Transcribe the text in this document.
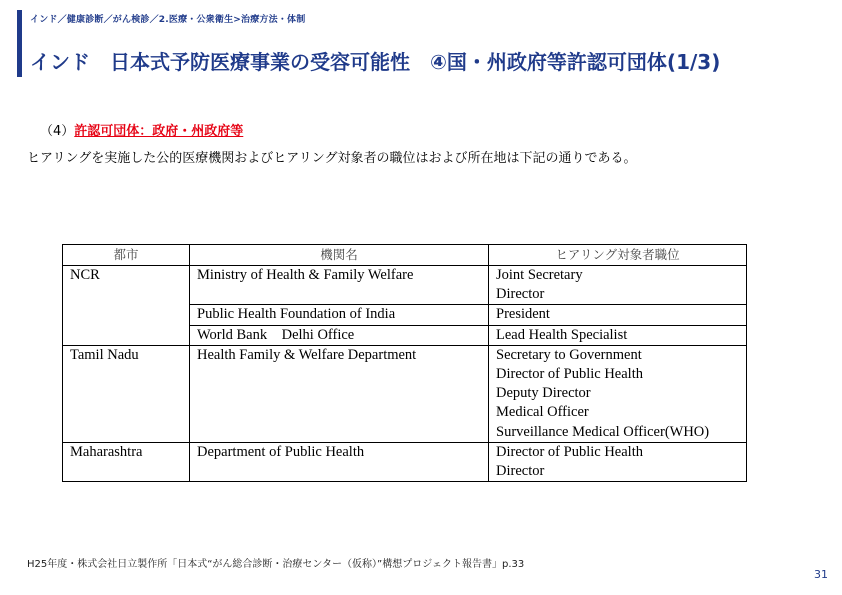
インド／健康診断／がん検診／2.医療・公衆衛生>治療方法・体制
インド　日本式予防医療事業の受容可能性　④国・州政府等許認可団体(1/3)
（4）許認可団体：政府・州政府等
ヒアリングを実施した公的医療機関およびヒアリング対象者の職位はおよび所在地は下記の通りである。
都市	機関名	ヒアリング対象者職位
NCR	Ministry of Health & Family Welfare	Joint Secretary
Director

	Public Health Foundation of India	President

	World Bank　Delhi Office	Lead Health Specialist

Tamil Nadu	Health Family & Welfare Department	Secretary to Government
Director of Public Health
Deputy Director
Medical Officer
Surveillance Medical Officer(WHO)

Maharashtra	Department of Public Health	Director of Public Health
Director
H25年度・株式会社日立製作所「日本式“がん総合診断・治療センター（仮称）”構想プロジェクト報告書」p.33
31
